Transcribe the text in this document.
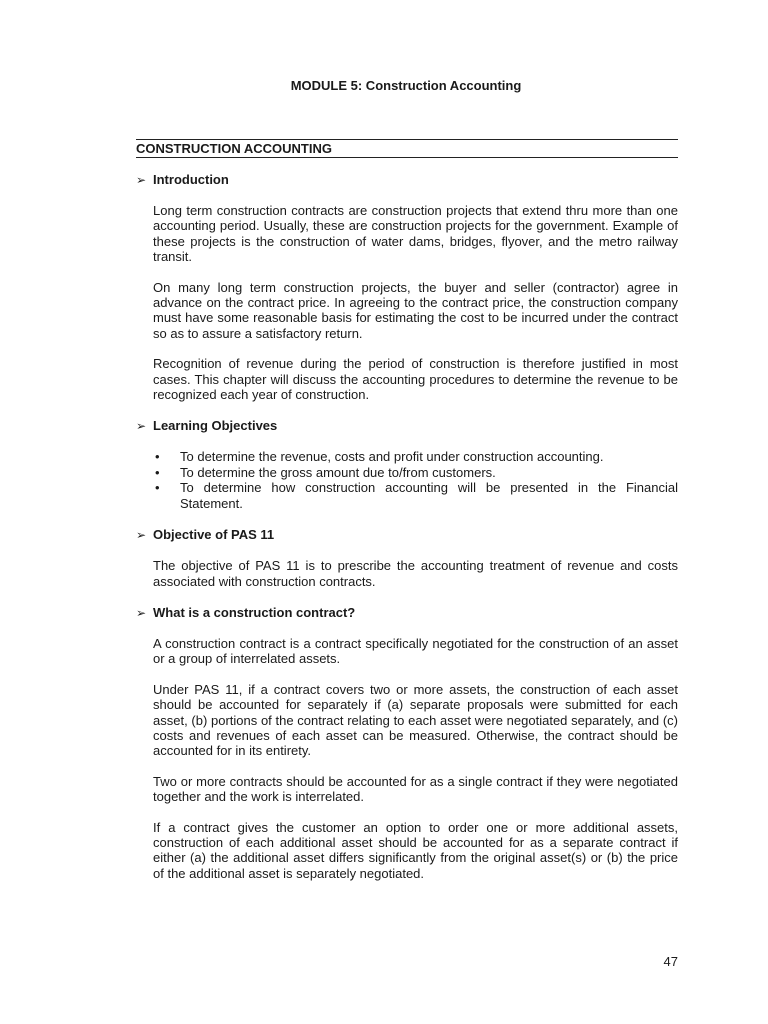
MODULE 5: Construction Accounting
CONSTRUCTION ACCOUNTING
➢ Introduction

Long term construction contracts are construction projects that extend thru more than one accounting period. Usually, these are construction projects for the government. Example of these projects is the construction of water dams, bridges, flyover, and the metro railway transit.

On many long term construction projects, the buyer and seller (contractor) agree in advance on the contract price. In agreeing to the contract price, the construction company must have some reasonable basis for estimating the cost to be incurred under the contract so as to assure a satisfactory return.

Recognition of revenue during the period of construction is therefore justified in most cases. This chapter will discuss the accounting procedures to determine the revenue to be recognized each year of construction.

➢ Learning Objectives
• To determine the revenue, costs and profit under construction accounting.
• To determine the gross amount due to/from customers.
• To determine how construction accounting will be presented in the Financial Statement.
➢ Objective of PAS 11

The objective of PAS 11 is to prescribe the accounting treatment of revenue and costs associated with construction contracts.

➢ What is a construction contract?

A construction contract is a contract specifically negotiated for the construction of an asset or a group of interrelated assets.

Under PAS 11, if a contract covers two or more assets, the construction of each asset should be accounted for separately if (a) separate proposals were submitted for each asset, (b) portions of the contract relating to each asset were negotiated separately, and (c) costs and revenues of each asset can be measured. Otherwise, the contract should be accounted for in its entirety.

Two or more contracts should be accounted for as a single contract if they were negotiated together and the work is interrelated.

If a contract gives the customer an option to order one or more additional assets, construction of each additional asset should be accounted for as a separate contract if either (a) the additional asset differs significantly from the original asset(s) or (b) the price of the additional asset is separately negotiated.

47
